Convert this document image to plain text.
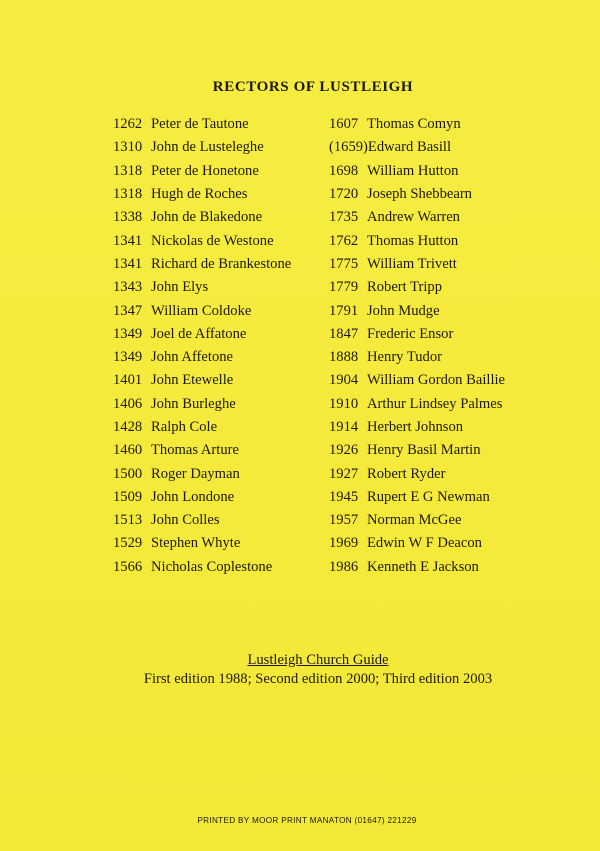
RECTORS OF LUSTLEIGH
1262 Peter de Tautone
1310 John de Lusteleghe
1318 Peter de Honetone
1318 Hugh de Roches
1338 John de Blakedone
1341 Nickolas de Westone
1341 Richard de Brankestone
1343 John Elys
1347 William Coldoke
1349 Joel de Affatone
1349 John Affetone
1401 John Etewelle
1406 John Burleghe
1428 Ralph Cole
1460 Thomas Arture
1500 Roger Dayman
1509 John Londone
1513 John Colles
1529 Stephen Whyte
1566 Nicholas Coplestone
1607 Thomas Comyn
(1659) Edward Basill
1698 William Hutton
1720 Joseph Shebbearn
1735 Andrew Warren
1762 Thomas Hutton
1775 William Trivett
1779 Robert Tripp
1791 John Mudge
1847 Frederic Ensor
1888 Henry Tudor
1904 William Gordon Baillie
1910 Arthur Lindsey Palmes
1914 Herbert Johnson
1926 Henry Basil Martin
1927 Robert Ryder
1945 Rupert E G Newman
1957 Norman McGee
1969 Edwin W F Deacon
1986 Kenneth E Jackson
Lustleigh Church Guide
First edition 1988; Second edition 2000; Third edition 2003
PRINTED BY MOOR PRINT MANATON (01647) 221229
